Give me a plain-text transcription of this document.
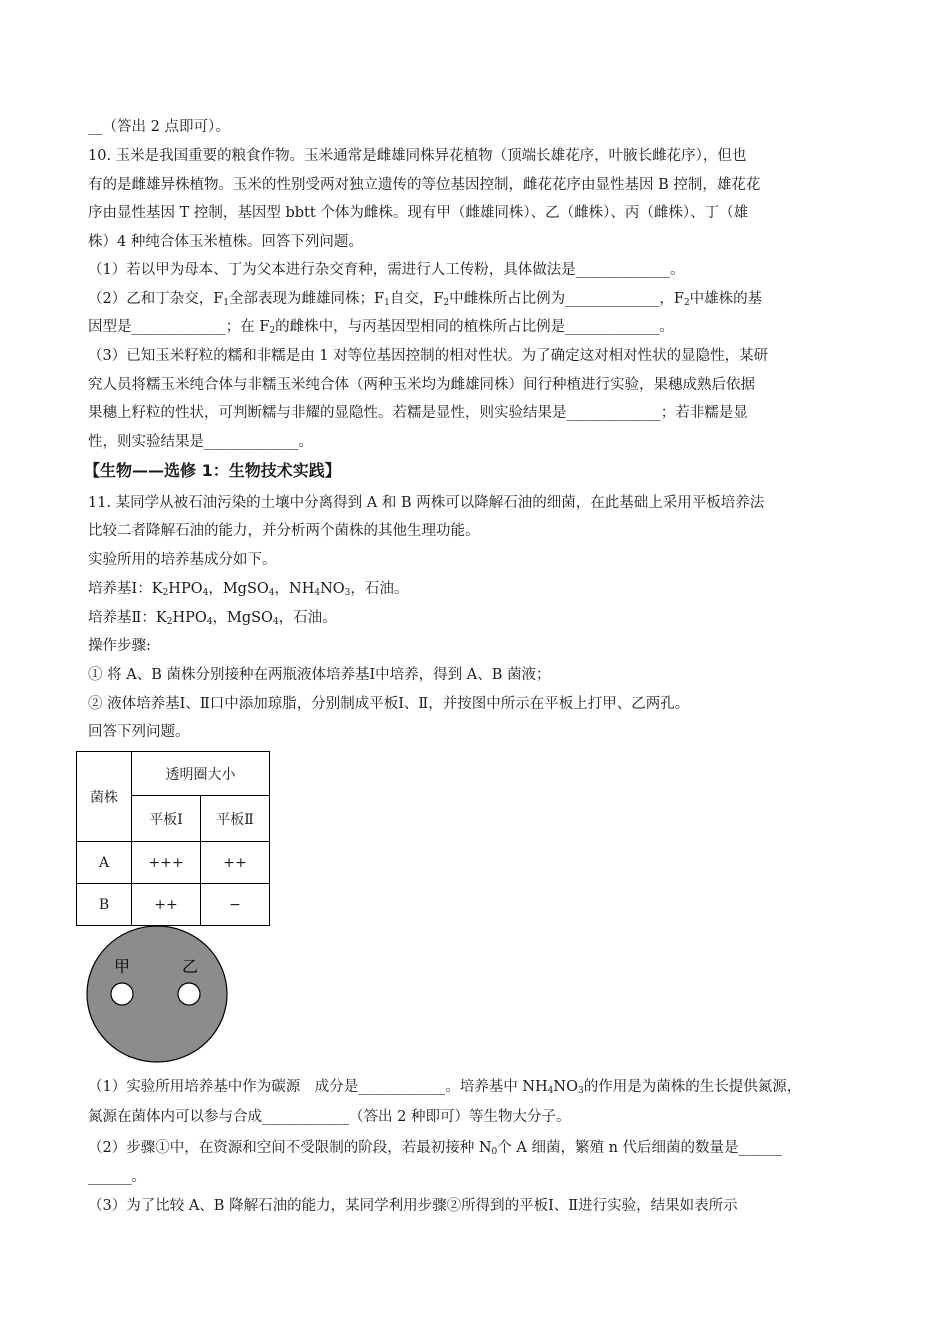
__（答出 2 点即可）。
10. 玉米是我国重要的粮食作物。玉米通常是雌雄同株异花植物（顶端长雄花序，叶腋长雌花序），但也
有的是雌雄异株植物。玉米的性别受两对独立遗传的等位基因控制，雌花花序由显性基因 B 控制，雄花花
序由显性基因 T 控制，基因型 bbtt 个体为雌株。现有甲（雌雄同株）、乙（雌株）、丙（雌株）、丁（雄
株）4 种纯合体玉米植株。回答下列问题。
（1）若以甲为母本、丁为父本进行杂交育种，需进行人工传粉，具体做法是_____________。
（2）乙和丁杂交，$F_1$全部表现为雌雄同株；$F_1$自交，$F_2$中雌株所占比例为_____________，$F_2$中雄株的基
因型是_____________；在 $F_2$的雌株中，与丙基因型相同的植株所占比例是_____________。
（3）已知玉米籽粒的糯和非糯是由 1 对等位基因控制的相对性状。为了确定这对相对性状的显隐性，某研
究人员将糯玉米纯合体与非糯玉米纯合体（两种玉米均为雌雄同株）间行种植进行实验，果穗成熟后依据
果穗上籽粒的性状，可判断糯与非耀的显隐性。若糯是显性，则实验结果是_____________；若非糯是显
性，则实验结果是_____________。
【生物——选修 1：生物技术实践】
11. 某同学从被石油污染的土壤中分离得到 A 和 B 两株可以降解石油的细菌，在此基础上采用平板培养法
比较二者降解石油的能力，并分析两个菌株的其他生理功能。
实验所用的培养基成分如下。
培养基Ⅰ：$K_2HPO_4$，MgSO$_4$，$NH_4NO_3$，石油。
培养基Ⅱ：$K_2HPO_4$，MgSO$_4$，石油。
操作步骤:
① 将 A、B 菌株分别接种在两瓶液体培养基Ⅰ中培养，得到 A、B 菌液；
② 液体培养基Ⅰ、Ⅱ口中添加琼脂，分别制成平板Ⅰ、Ⅱ，并按图中所示在平板上打甲、乙两孔。
回答下列问题。
菌株	透明圈大小	
	平板Ⅰ	平板Ⅱ
A	+++	++
B	++	−
甲	乙
（1）实验所用培养基中作为碳源　成分是____________。培养基中 $NH_4NO_3$的作用是为菌株的生长提供氮源，
氮源在菌体内可以参与合成____________（答出 2 种即可）等生物大分子。
（2）步骤①中，在资源和空间不受限制的阶段，若最初接种 $N_0$个 A 细菌，繁殖 n 代后细菌的数量是______
______。
（3）为了比较 A、B 降解石油的能力，某同学利用步骤②所得到的平板Ⅰ、Ⅱ进行实验，结果如表所示
